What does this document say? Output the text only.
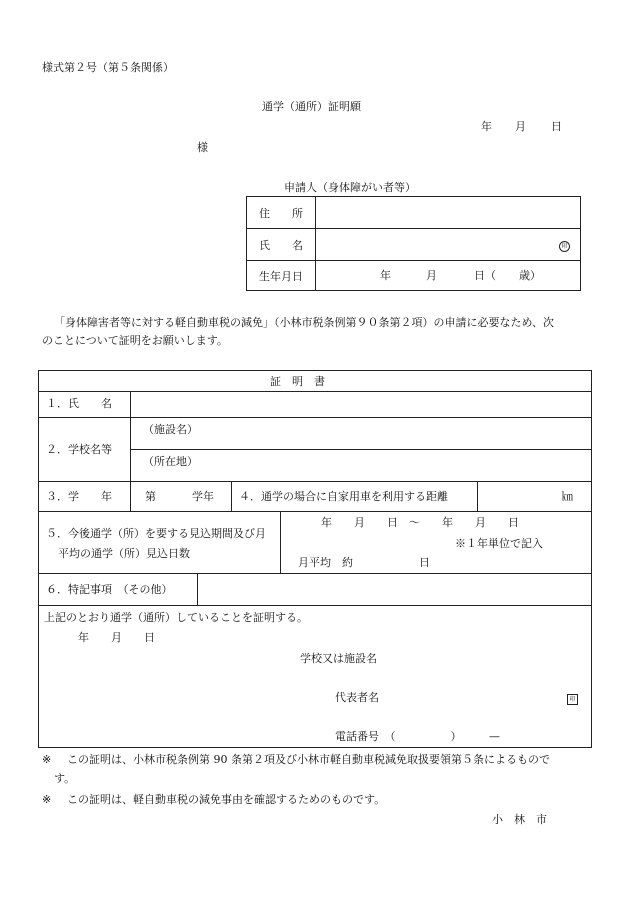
様式第２号（第５条関係）
通学（通所）証明願
年 月 日
様
申請人（身体障がい者等）
住　　所	
氏　　名	印
生年月日	年 月 日（ 歳）
「身体障害者等に対する軽自動車税の減免」（小林市税条例第９０条第２項）の申請に必要なため、次
のことについて証明をお願いします。
証　明　書
１．氏　　名
２．学校名等
（施設名）
（所在地）
３．学　　年	第	学年 ４．通学の場合に自家用車を利用する距離	㎞
５．今後通学（所）を要する見込期間及び月
平均の通学（所）見込日数
年　　月　　日　～　　年　　月　　日
※１年単位で記入
月平均　約　　　　　　日
６．特記事項　（その他）
上記のとおり通学（通所）していることを証明する。
年　　月　　日
学校又は施設名
代表者名	印
電話番号　（　　　　　）　　　—
※ この証明は、小林市税条例第 90 条第２項及び小林市軽自動車税減免取扱要領第５条によるもので
す。
※ この証明は、軽自動車税の減免事由を確認するためのものです。
小　林　市
